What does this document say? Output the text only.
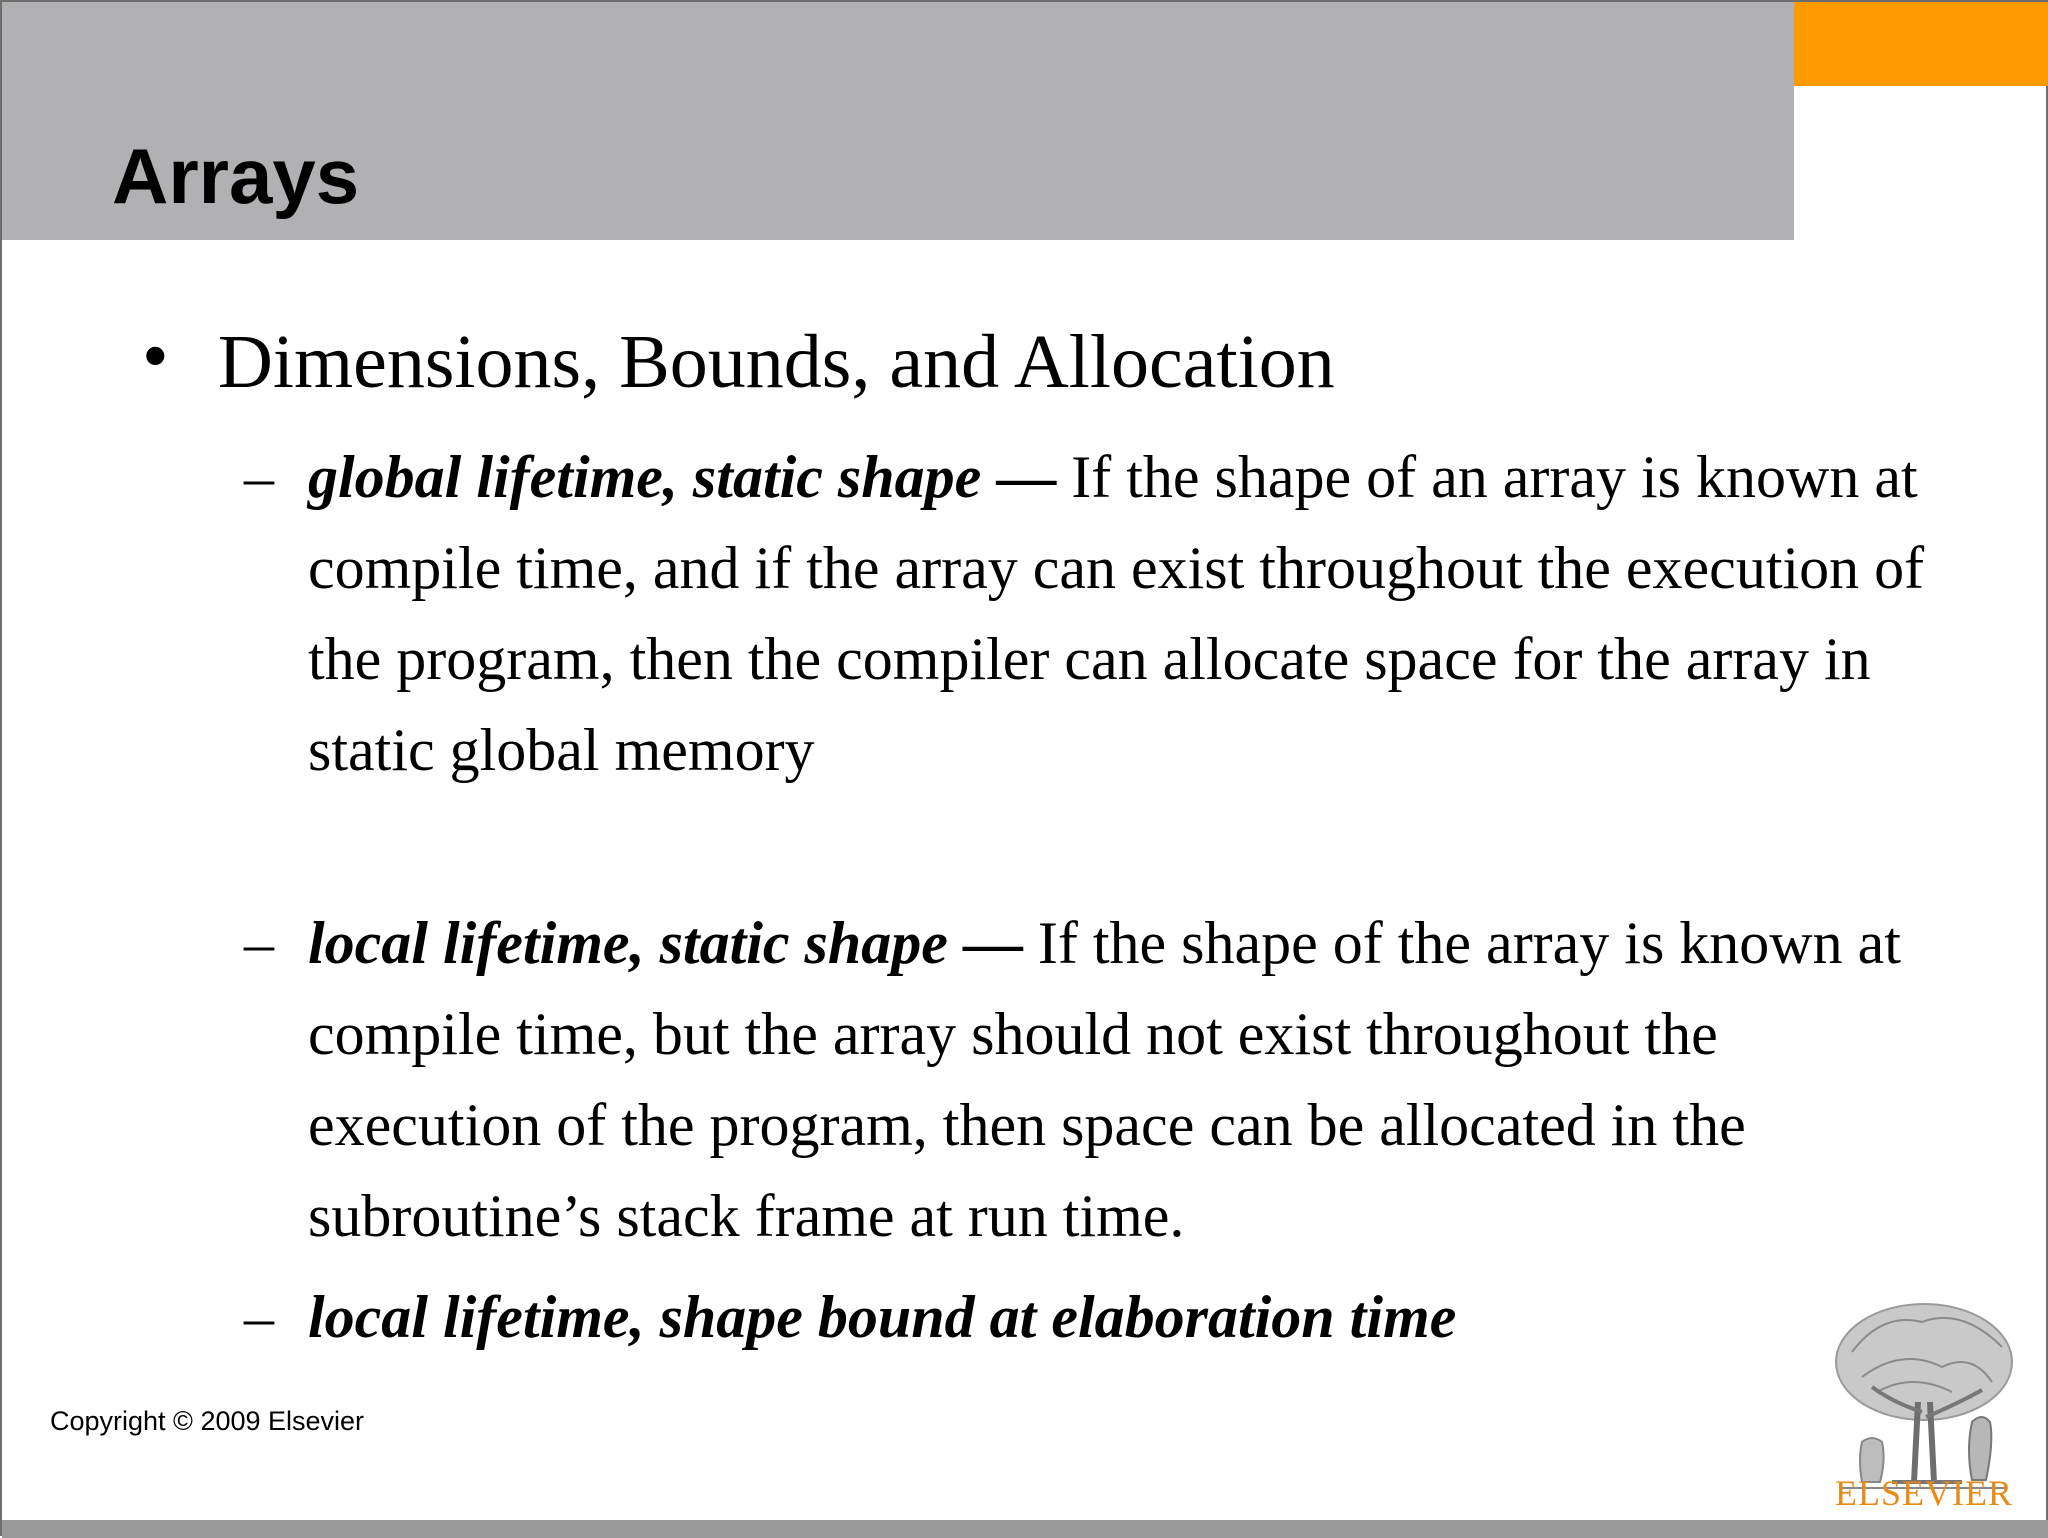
Arrays
• Dimensions, Bounds, and Allocation
– global lifetime, static shape — If the shape of an array is known at compile time, and if the array can exist throughout the execution of the program, then the compiler can allocate space for the array in static global memory
– local lifetime, static shape — If the shape of the array is known at compile time, but the array should not exist throughout the execution of the program, then space can be allocated in the subroutine’s stack frame at run time.
– local lifetime, shape bound at elaboration time
Copyright © 2009 Elsevier
ELSEVIER
